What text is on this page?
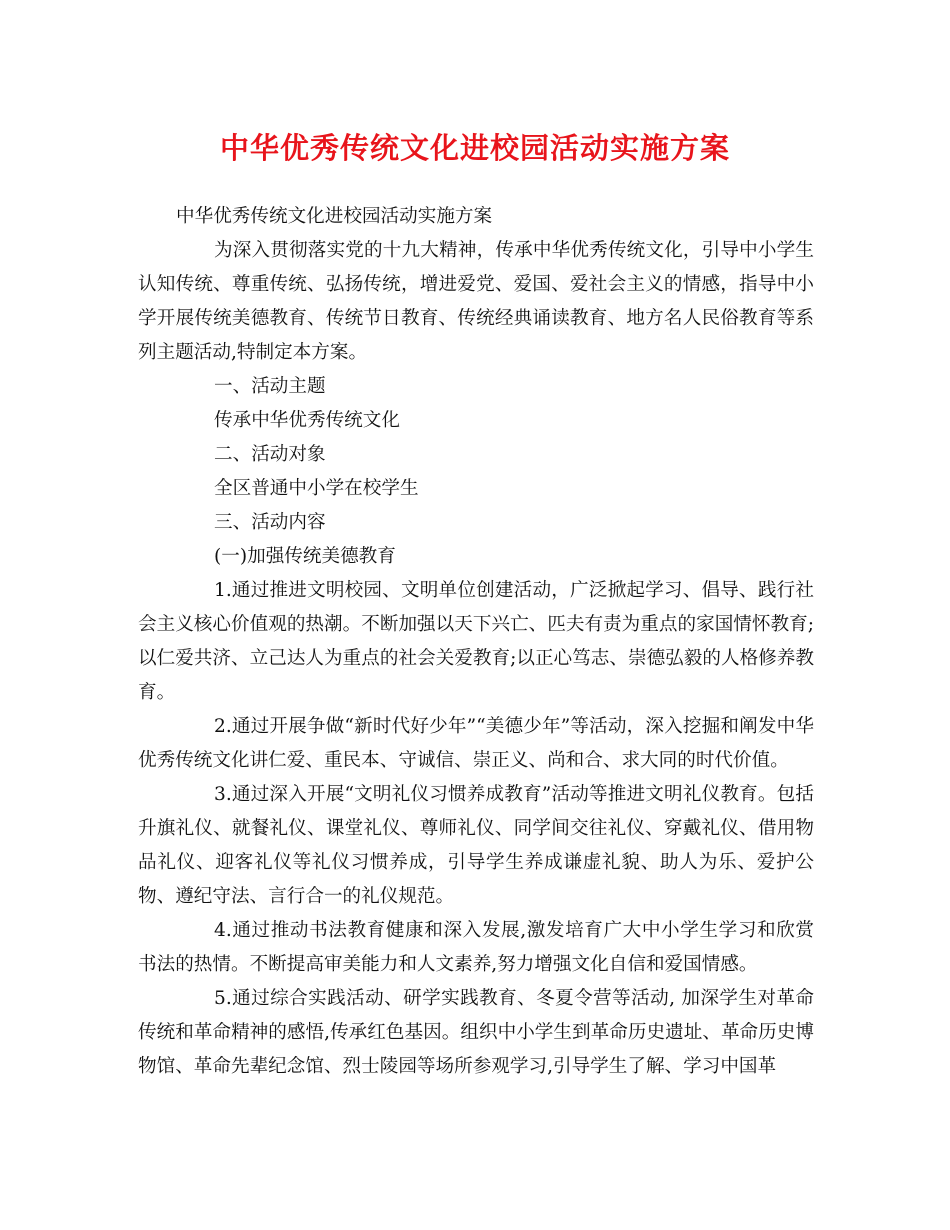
中华优秀传统文化进校园活动实施方案

中华优秀传统文化进校园活动实施方案

为深入贯彻落实党的十九大精神，传承中华优秀传统文化，引导中小学生认知传统、尊重传统、弘扬传统，增进爱党、爱国、爱社会主义的情感，指导中小学开展传统美德教育、传统节日教育、传统经典诵读教育、地方名人民俗教育等系列主题活动,特制定本方案。

一、活动主题

传承中华优秀传统文化

二、活动对象

全区普通中小学在校学生

三、活动内容

(一)加强传统美德教育

1.通过推进文明校园、文明单位创建活动，广泛掀起学习、倡导、践行社会主义核心价值观的热潮。不断加强以天下兴亡、匹夫有责为重点的家国情怀教育;以仁爱共济、立己达人为重点的社会关爱教育;以正心笃志、崇德弘毅的人格修养教育。

2.通过开展争做“新时代好少年”“美德少年”等活动，深入挖掘和阐发中华优秀传统文化讲仁爱、重民本、守诚信、崇正义、尚和合、求大同的时代价值。

3.通过深入开展“文明礼仪习惯养成教育”活动等推进文明礼仪教育。包括升旗礼仪、就餐礼仪、课堂礼仪、尊师礼仪、同学间交往礼仪、穿戴礼仪、借用物品礼仪、迎客礼仪等礼仪习惯养成，引导学生养成谦虚礼貌、助人为乐、爱护公物、遵纪守法、言行合一的礼仪规范。

4.通过推动书法教育健康和深入发展,激发培育广大中小学生学习和欣赏书法的热情。不断提高审美能力和人文素养,努力增强文化自信和爱国情感。

5.通过综合实践活动、研学实践教育、冬夏令营等活动, 加深学生对革命传统和革命精神的感悟,传承红色基因。组织中小学生到革命历史遗址、革命历史博物馆、革命先辈纪念馆、烈士陵园等场所参观学习,引导学生了解、学习中国革
